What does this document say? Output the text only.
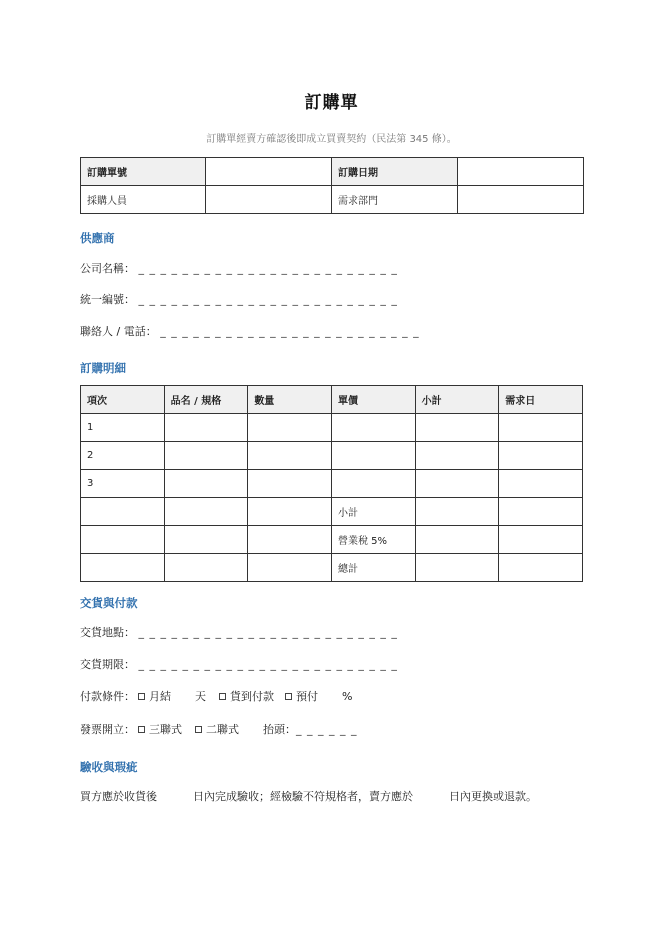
訂購單
訂購單經賣方確認後即成立買賣契約（民法第 345 條）。
訂購單號		訂購日期	
採購人員		需求部門	
供應商
公司名稱： _ _ _ _ _ _ _ _ _ _ _ _ _ _ _ _ _ _ _ _ _ _ _ _
統一編號： _ _ _ _ _ _ _ _ _ _ _ _ _ _ _ _ _ _ _ _ _ _ _ _
聯絡人 / 電話： _ _ _ _ _ _ _ _ _ _ _ _ _ _ _ _ _ _ _ _ _ _ _ _
訂購明細
項次	品名 / 規格	數量	單價	小計	需求日
1					
2					
3					
			小計		
			營業稅 5%		
			總計		
交貨與付款
交貨地點： _ _ _ _ _ _ _ _ _ _ _ _ _ _ _ _ _ _ _ _ _ _ _ _
交貨期限： _ _ _ _ _ _ _ _ _ _ _ _ _ _ _ _ _ _ _ _ _ _ _ _
付款條件： 月結 天 貨到付款 預付 %
發票開立： 三聯式 二聯式 抬頭：_ _ _ _ _ _
驗收與瑕疵
買方應於收貨後	日內完成驗收；經檢驗不符規格者，賣方應於	日內更換或退款。
